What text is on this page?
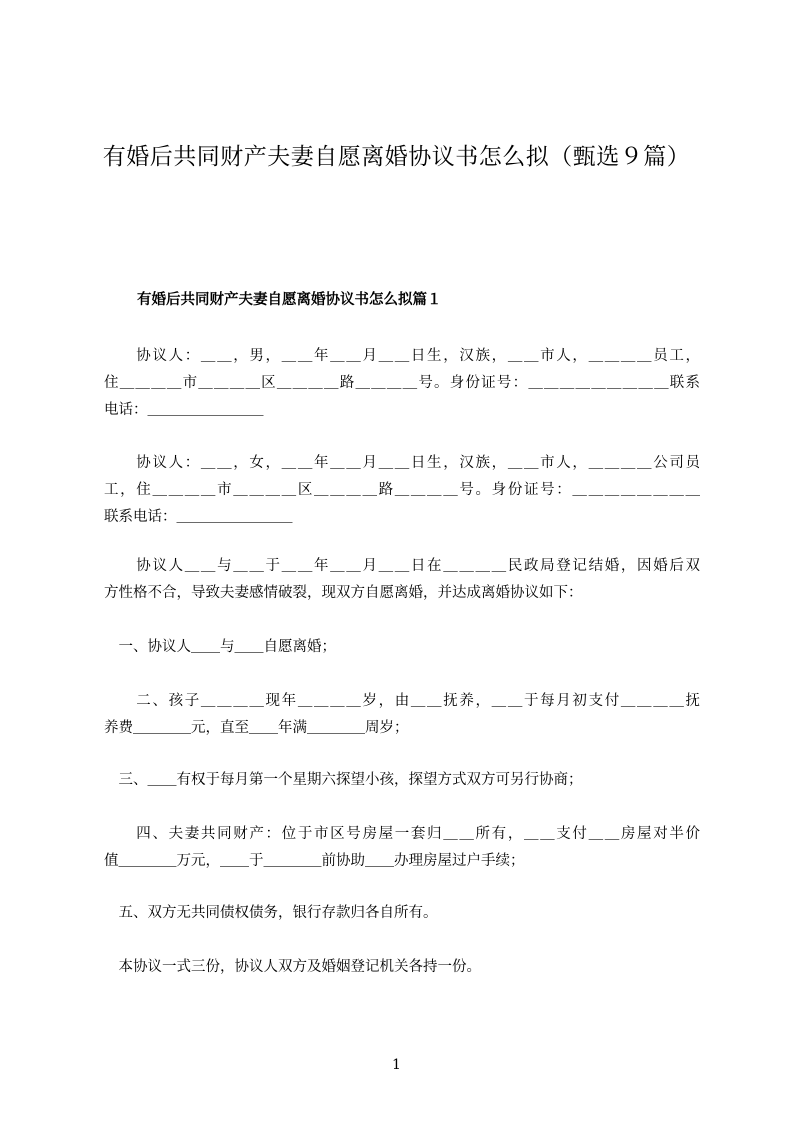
有婚后共同财产夫妻自愿离婚协议书怎么拟（甄选９篇）
有婚后共同财产夫妻自愿离婚协议书怎么拟篇１
　　协议人：＿＿，男，＿＿年＿＿月＿＿日生，汉族，＿＿市人，＿＿＿＿员工，
住＿＿＿＿市＿＿＿＿区＿＿＿＿路＿＿＿＿号。身份证号：＿＿＿＿＿＿＿＿＿联系
电话：＿＿＿＿＿＿＿＿
　　协议人：＿＿，女，＿＿年＿＿月＿＿日生，汉族，＿＿市人，＿＿＿＿公司员
工，住＿＿＿＿市＿＿＿＿区＿＿＿＿路＿＿＿＿号。身份证号：＿＿＿＿＿＿＿＿
联系电话：＿＿＿＿＿＿＿＿
　　协议人＿＿与＿＿于＿＿年＿＿月＿＿日在＿＿＿＿民政局登记结婚，因婚后双
方性格不合，导致夫妻感情破裂，现双方自愿离婚，并达成离婚协议如下：
　一、协议人＿＿与＿＿自愿离婚；
　　二、孩子＿＿＿＿现年＿＿＿＿岁，由＿＿抚养，＿＿于每月初支付＿＿＿＿抚
养费＿＿＿＿元，直至＿＿年满＿＿＿＿周岁；
　三、＿＿有权于每月第一个星期六探望小孩，探望方式双方可另行协商；
　　四、夫妻共同财产：位于市区号房屋一套归＿＿所有，＿＿支付＿＿房屋对半价
值＿＿＿＿万元，＿＿于＿＿＿＿前协助＿＿办理房屋过户手续；
　五、双方无共同债权债务，银行存款归各自所有。
　本协议一式三份，协议人双方及婚姻登记机关各持一份。
1
